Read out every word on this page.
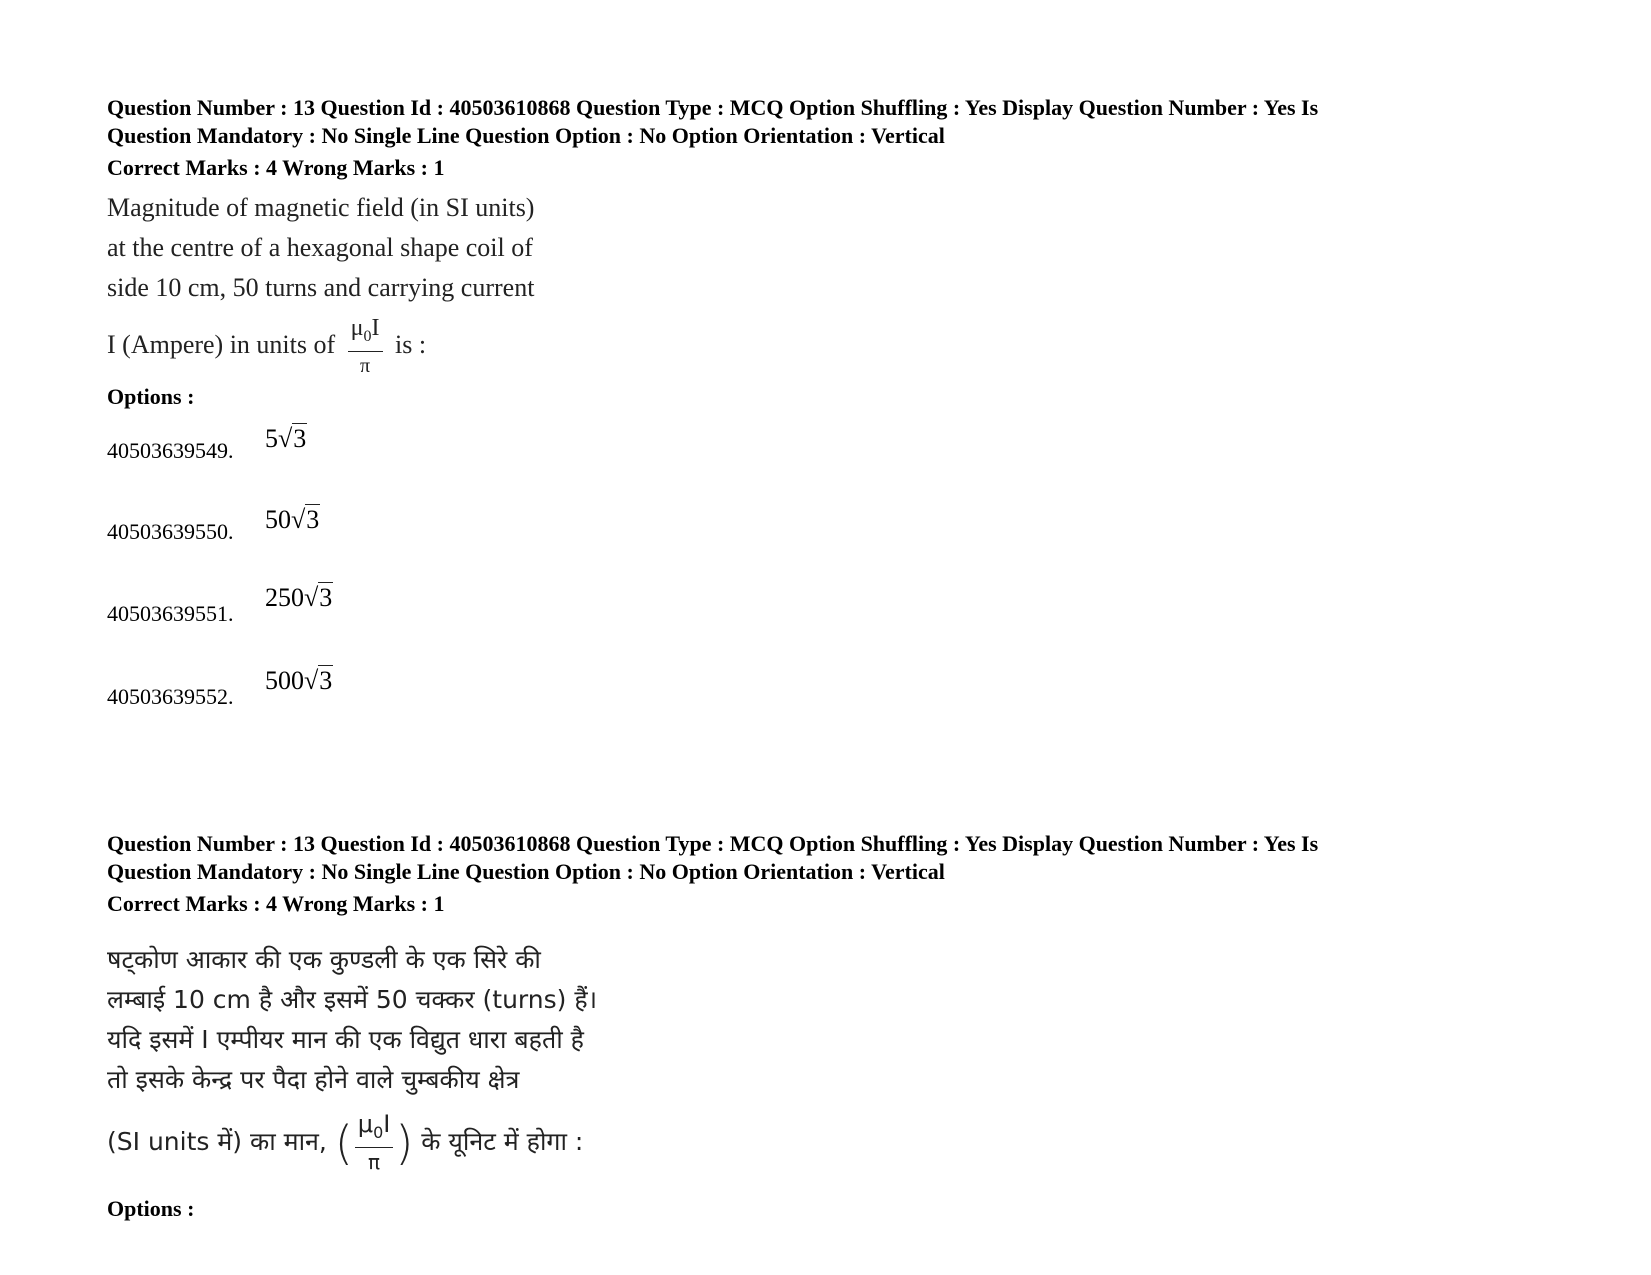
Question Number : 13 Question Id : 40503610868 Question Type : MCQ Option Shuffling : Yes Display Question Number : Yes Is

Question Mandatory : No Single Line Question Option : No Option Orientation : Vertical

Correct Marks : 4 Wrong Marks : 1
Magnitude of magnetic field (in SI units)
at the centre of a hexagonal shape coil of
side 10 cm, 50 turns and carrying current
I (Ampere) in units of $\frac{\mu_0I}{\pi}$ is :
Options :
40503639549. 5√3
40503639550. 50√3
40503639551.
250√3
40503639552.
500√3

Question Number : 13 Question Id : 40503610868 Question Type : MCQ Option Shuffling : Yes Display Question Number : Yes Is

Question Mandatory : No Single Line Question Option : No Option Orientation : Vertical

Correct Marks : 4 Wrong Marks : 1
षट्कोण आकार की एक कुण्डली के एक सिरे की
लम्बाई 10 cm है और इसमें 50 चक्कर (turns) हैं।
यदि इसमें I एम्पीयर मान की एक विद्युत धारा बहती है
तो इसके केन्द्र पर पैदा होने वाले चुम्बकीय क्षेत्र
(SI units में) का मान, ( $\frac{\mu_0I}{\pi}$ ) के यूनिट में होगा :
Options :
